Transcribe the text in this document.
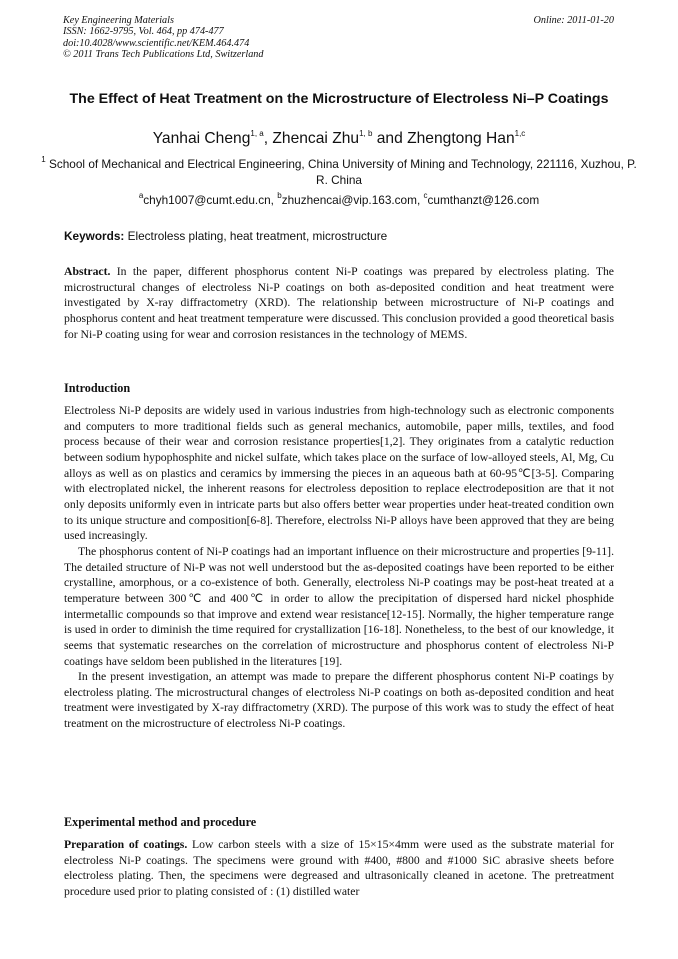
Key Engineering Materials
ISSN: 1662-9795, Vol. 464, pp 474-477
doi:10.4028/www.scientific.net/KEM.464.474
© 2011 Trans Tech Publications Ltd, Switzerland
Online: 2011-01-20
The Effect of Heat Treatment on the Microstructure of Electroless Ni–P Coatings
Yanhai Cheng$^{1, a}$, Zhencai Zhu$^{1, b}$ and Zhengtong Han$^{1,c}$
$^1$ School of Mechanical and Electrical Engineering, China University of Mining and Technology, 221116, Xuzhou, P. R. China
$^a$chyh1007@cumt.edu.cn, $^b$zhuzhencai@vip.163.com, $^c$cumthanzt@126.com
Keywords: Electroless plating, heat treatment, microstructure
Abstract. In the paper, different phosphorus content Ni-P coatings was prepared by electroless plating. The microstructural changes of electroless Ni-P coatings on both as-deposited condition and heat treatment were investigated by X-ray diffractometry (XRD). The relationship between microstructure of Ni-P coatings and phosphorus content and heat treatment temperature were discussed. This conclusion provided a good theoretical basis for Ni-P coating using for wear and corrosion resistances in the technology of MEMS.
Introduction

Electroless Ni-P deposits are widely used in various industries from high-technology such as electronic components and computers to more traditional fields such as general mechanics, automobile, paper mills, textiles, and food process because of their wear and corrosion resistance properties[1,2]. They originates from a catalytic reduction between sodium hypophosphite and nickel sulfate, which takes place on the surface of low-alloyed steels, Al, Mg, Cu alloys as well as on plastics and ceramics by immersing the pieces in an aqueous bath at 60-95℃[3-5]. Comparing with electroplated nickel, the inherent reasons for electroless deposition to replace electrodeposition are that it not only deposits uniformly even in intricate parts but also offers better wear properties under heat-treated condition own to its unique structure and composition[6-8]. Therefore, electrolss Ni-P alloys have been approved that they are being used increasingly.

The phosphorus content of Ni-P coatings had an important influence on their microstructure and properties [9-11]. The detailed structure of Ni-P was not well understood but the as-deposited coatings have been reported to be either crystalline, amorphous, or a co-existence of both. Generally, electroless Ni-P coatings may be post-heat treated at a temperature between 300℃ and 400℃ in order to allow the precipitation of dispersed hard nickel phosphide intermetallic compounds so that improve and extend wear resistance[12-15]. Normally, the higher temperature range is used in order to diminish the time required for crystallization [16-18]. Nonetheless, to the best of our knowledge, it seems that systematic researches on the correlation of microstructure and phosphorus content of electroless Ni-P coatings have seldom been published in the literatures [19].

In the present investigation, an attempt was made to prepare the different phosphorus content Ni-P coatings by electroless plating. The microstructural changes of electroless Ni-P coatings on both as-deposited condition and heat treatment were investigated by X-ray diffractometry (XRD). The purpose of this work was to study the effect of heat treatment on the microstructure of electroless Ni-P coatings.

Experimental method and procedure
Preparation of coatings. Low carbon steels with a size of 15×15×4mm were used as the substrate material for electroless Ni-P coatings. The specimens were ground with #400, #800 and #1000 SiC abrasive sheets before electroless plating. Then, the specimens were degreased and ultrasonically cleaned in acetone. The pretreatment procedure used prior to plating consisted of : (1) distilled water
